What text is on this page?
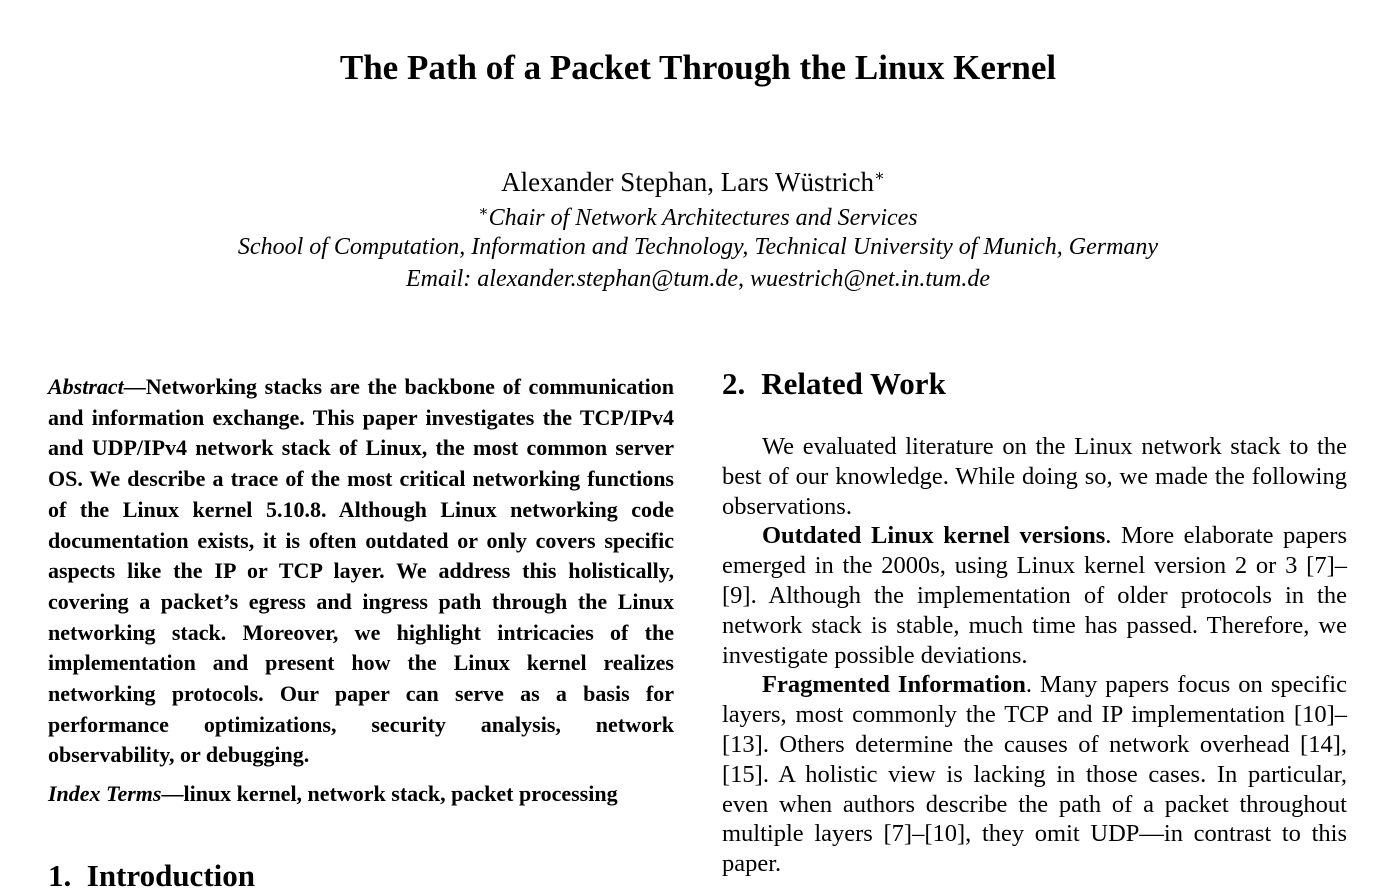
The Path of a Packet Through the Linux Kernel
Alexander Stephan, Lars Wüstrich∗
∗Chair of Network Architectures and Services
School of Computation, Information and Technology, Technical University of Munich, Germany
Email: alexander.stephan@tum.de, wuestrich@net.in.tum.de

Abstract—Networking stacks are the backbone of communication and information exchange. This paper investigates the TCP/IPv4 and UDP/IPv4 network stack of Linux, the most common server OS. We describe a trace of the most critical networking functions of the Linux kernel 5.10.8. Although Linux networking code documentation exists, it is often outdated or only covers specific aspects like the IP or TCP layer. We address this holistically, covering a packet’s egress and ingress path through the Linux networking stack. Moreover, we highlight intricacies of the implementation and present how the Linux kernel realizes networking protocols. Our paper can serve as a basis for performance optimizations, security analysis, network observability, or debugging.

Index Terms—linux kernel, network stack, packet processing

1. Introduction
2. Related Work

We evaluated literature on the Linux network stack to the best of our knowledge. While doing so, we made the following observations.

Outdated Linux kernel versions. More elaborate papers emerged in the 2000s, using Linux kernel version 2 or 3 [7]–[9]. Although the implementation of older protocols in the network stack is stable, much time has passed. Therefore, we investigate possible deviations.

Fragmented Information. Many papers focus on specific layers, most commonly the TCP and IP implementation [10]–[13]. Others determine the causes of network overhead [14], [15]. A holistic view is lacking in those cases. In particular, even when authors describe the path of a packet throughout multiple layers [7]–[10], they omit UDP—in contrast to this paper.
